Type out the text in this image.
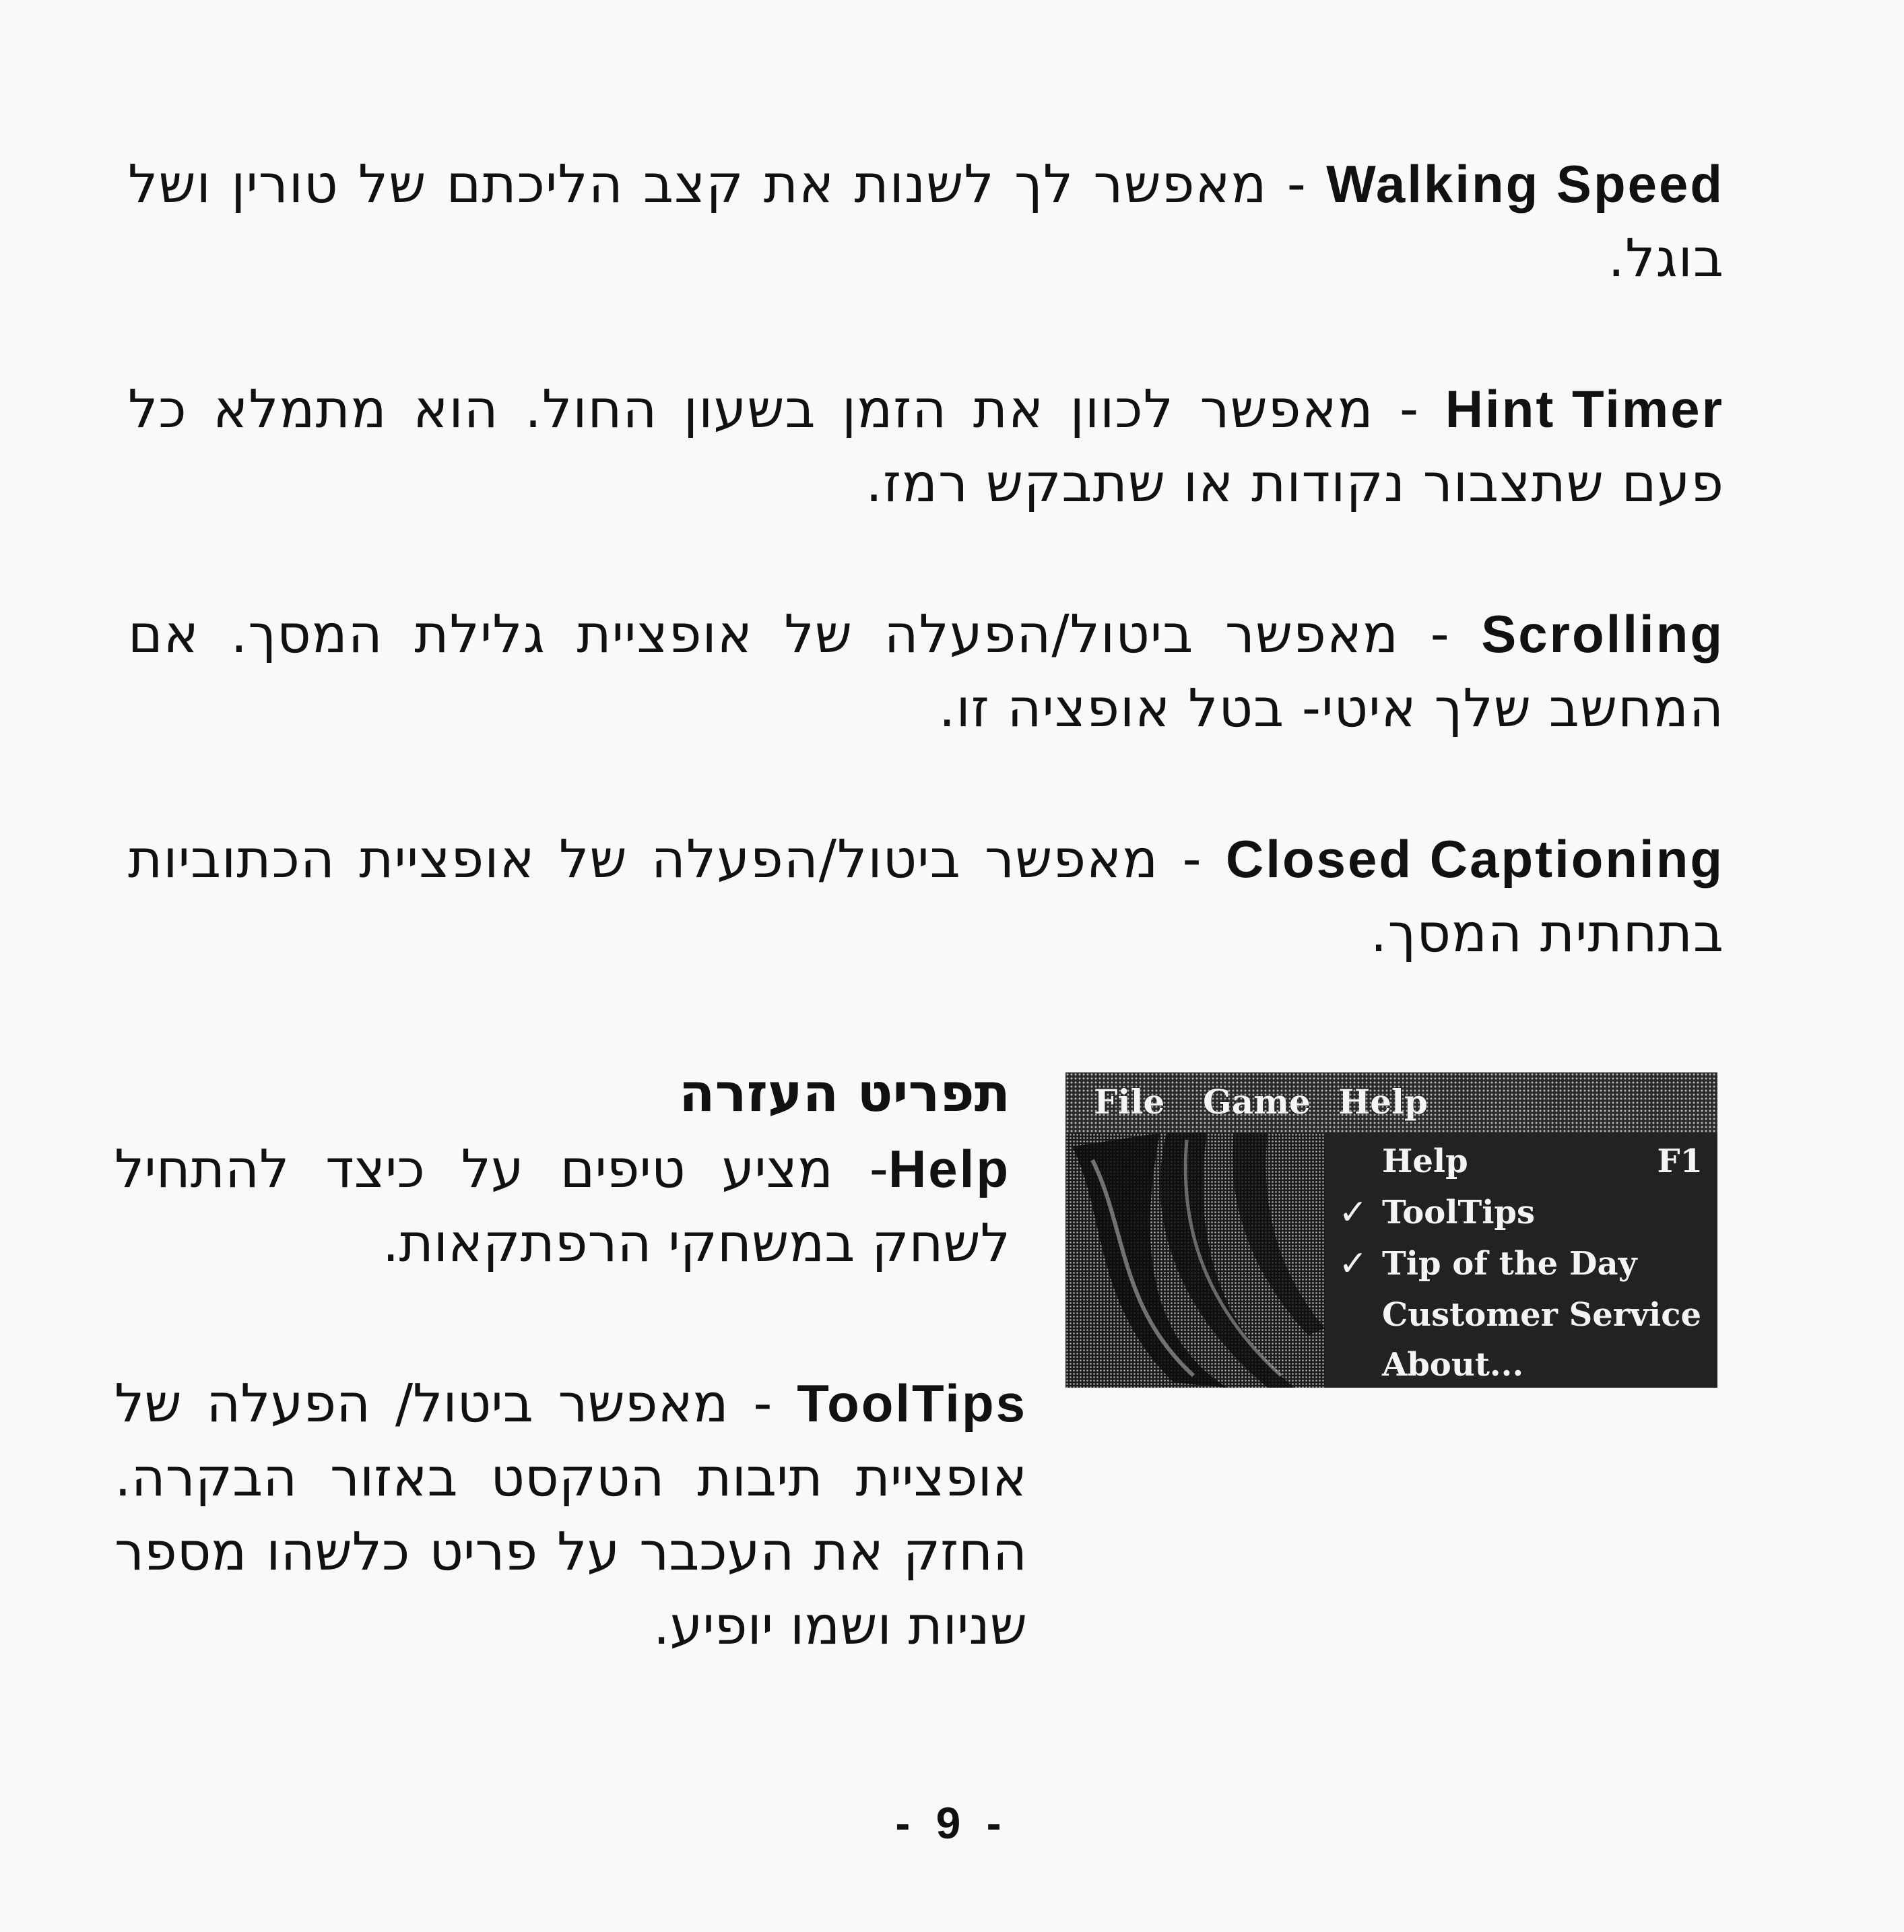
Walking Speed - מאפשר לך לשנות את קצב הליכתם של טורין ושל בוגל.

Hint Timer - מאפשר לכוון את הזמן בשעון החול. הוא מתמלא כל פעם שתצבור נקודות או שתבקש רמז.

Scrolling - מאפשר ביטול/הפעלה של אופציית גלילת המסך. אם המחשב שלך איטי- בטל אופציה זו.

Closed Captioning - מאפשר ביטול/הפעלה של אופציית הכתוביות בתחתית המסך.

תפריט העזרה

Help- מציע טיפים על כיצד להתחיל לשחק במשחקי הרפתקאות.

ToolTips - מאפשר ביטול/ הפעלה של אופציית תיבות הטקסט באזור הבקרה. החזק את העכבר על פריט כלשהו מספר שניות ושמו יופיע.

File Game Help
Help	F1
✓ ToolTips
✓ Tip of the Day
Customer Service
About...
- 9 -
